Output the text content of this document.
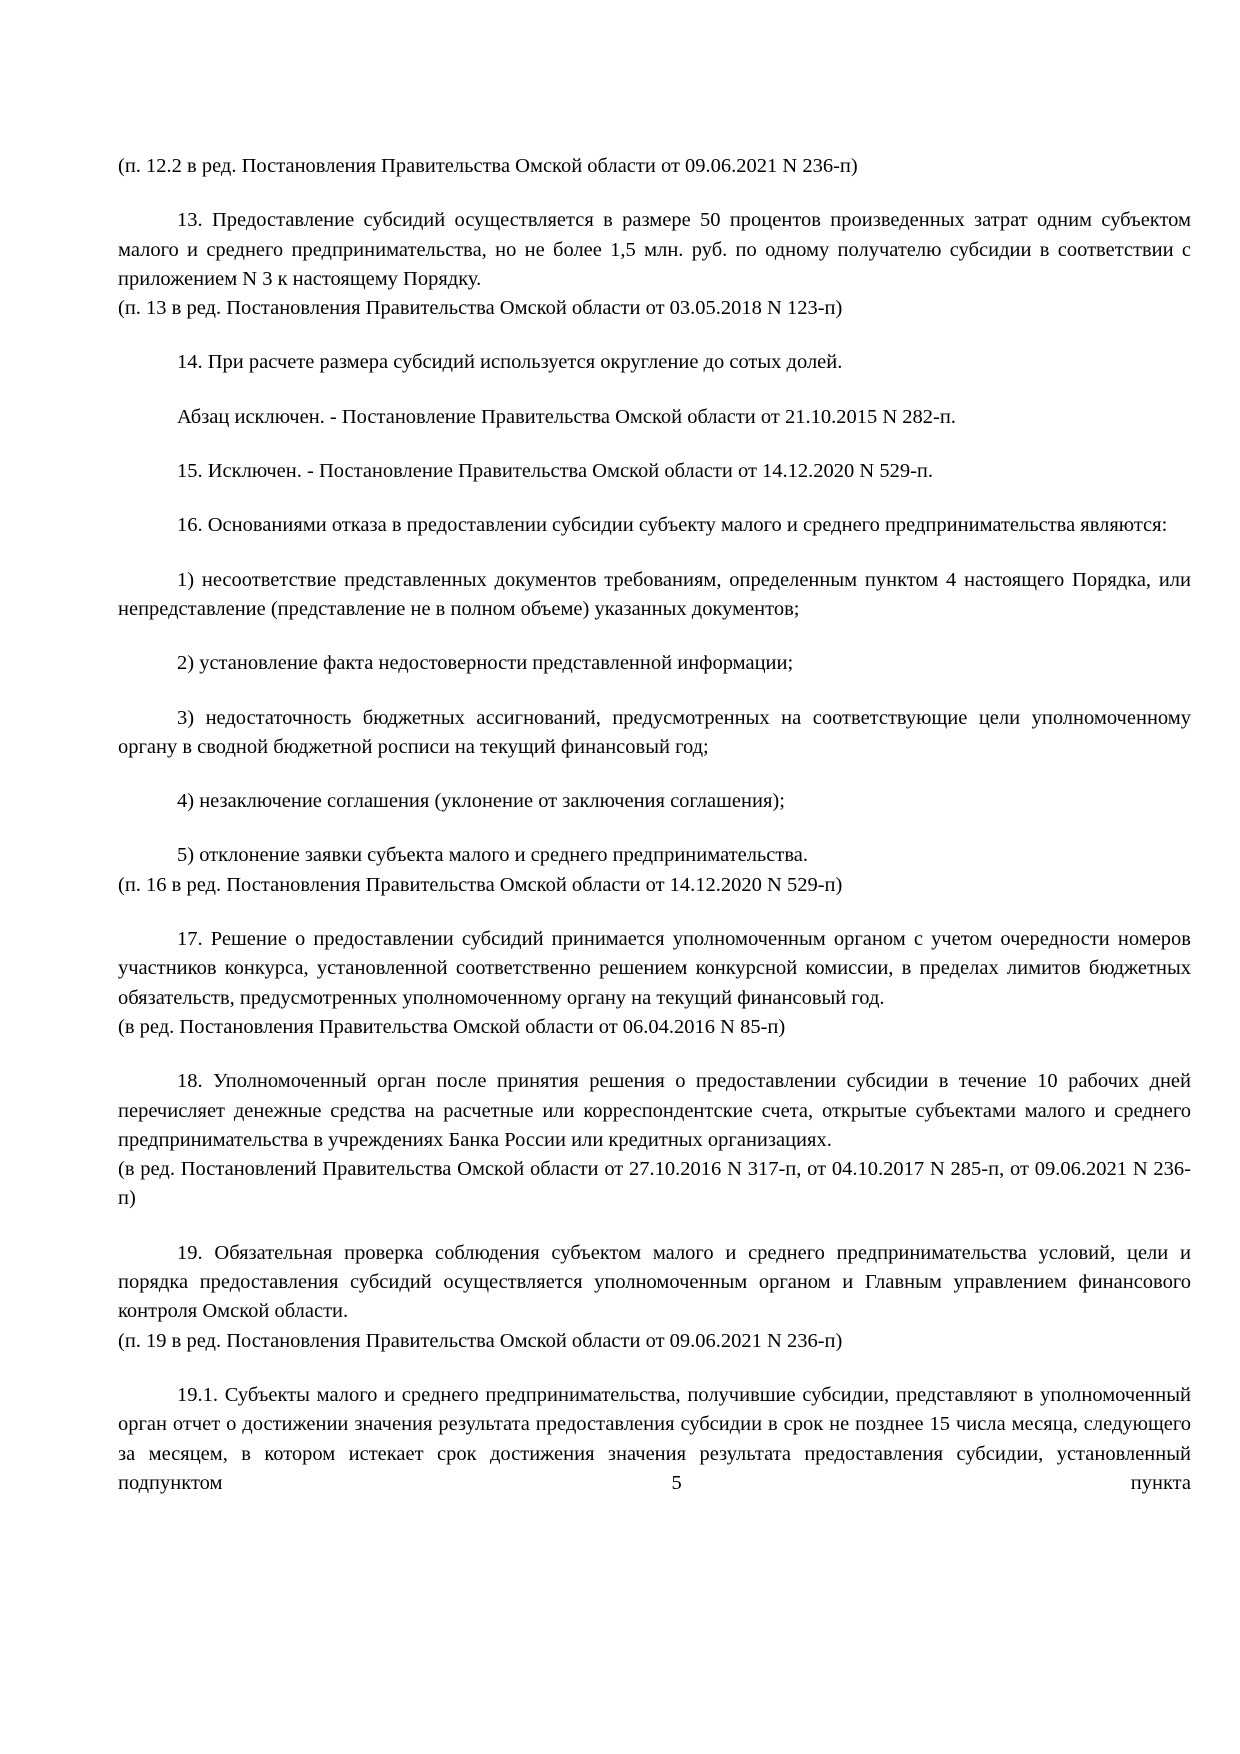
(п. 12.2 в ред. Постановления Правительства Омской области от 09.06.2021 N 236-п)

13. Предоставление субсидий осуществляется в размере 50 процентов произведенных затрат одним субъектом малого и среднего предпринимательства, но не более 1,5 млн. руб. по одному получателю субсидии в соответствии с приложением N 3 к настоящему Порядку.

(п. 13 в ред. Постановления Правительства Омской области от 03.05.2018 N 123-п)

14. При расчете размера субсидий используется округление до сотых долей.

Абзац исключен. - Постановление Правительства Омской области от 21.10.2015 N 282-п.

15. Исключен. - Постановление Правительства Омской области от 14.12.2020 N 529-п.

16. Основаниями отказа в предоставлении субсидии субъекту малого и среднего предпринимательства являются:

1) несоответствие представленных документов требованиям, определенным пунктом 4 настоящего Порядка, или непредставление (представление не в полном объеме) указанных документов;

2) установление факта недостоверности представленной информации;

3) недостаточность бюджетных ассигнований, предусмотренных на соответствующие цели уполномоченному органу в сводной бюджетной росписи на текущий финансовый год;

4) незаключение соглашения (уклонение от заключения соглашения);

5) отклонение заявки субъекта малого и среднего предпринимательства.

(п. 16 в ред. Постановления Правительства Омской области от 14.12.2020 N 529-п)

17. Решение о предоставлении субсидий принимается уполномоченным органом с учетом очередности номеров участников конкурса, установленной соответственно решением конкурсной комиссии, в пределах лимитов бюджетных обязательств, предусмотренных уполномоченному органу на текущий финансовый год.

(в ред. Постановления Правительства Омской области от 06.04.2016 N 85-п)

18. Уполномоченный орган после принятия решения о предоставлении субсидии в течение 10 рабочих дней перечисляет денежные средства на расчетные или корреспондентские счета, открытые субъектами малого и среднего предпринимательства в учреждениях Банка России или кредитных организациях.

(в ред. Постановлений Правительства Омской области от 27.10.2016 N 317-п, от 04.10.2017 N 285-п, от 09.06.2021 N 236-п)

19. Обязательная проверка соблюдения субъектом малого и среднего предпринимательства условий, цели и порядка предоставления субсидий осуществляется уполномоченным органом и Главным управлением финансового контроля Омской области.

(п. 19 в ред. Постановления Правительства Омской области от 09.06.2021 N 236-п)

19.1. Субъекты малого и среднего предпринимательства, получившие субсидии, представляют в уполномоченный орган отчет о достижении значения результата предоставления субсидии в срок не позднее 15 числа месяца, следующего за месяцем, в котором истекает срок достижения значения результата предоставления субсидии, установленный подпунктом 5 пункта
